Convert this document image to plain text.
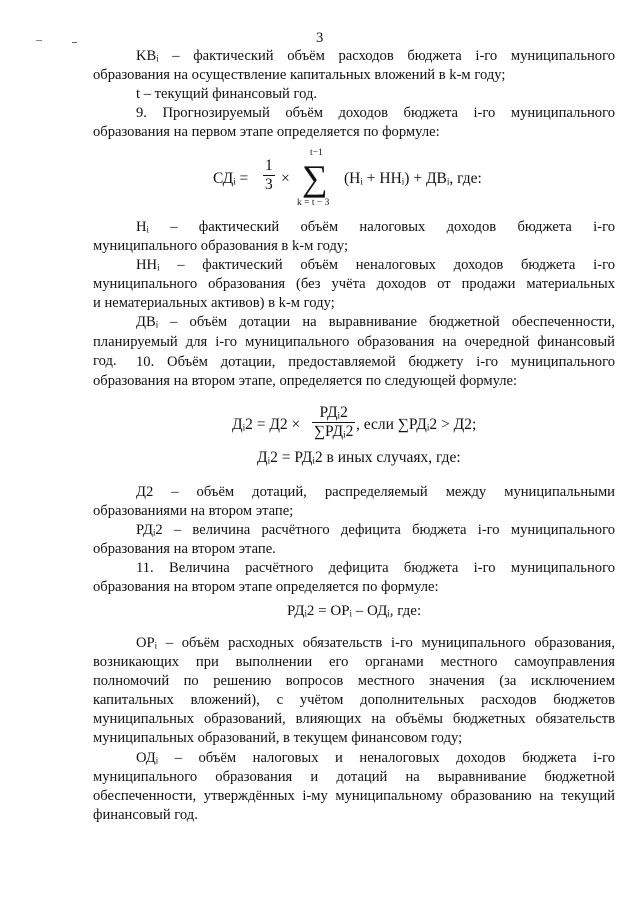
3
KBᵢ – фактический объём расходов бюджета i-го муниципального
образования на осуществление капитальных вложений в k-м году;
t – текущий финансовый год.
9. Прогнозируемый объём доходов бюджета i-го муниципального
образования на первом этапе определяется по формуле:
СДᵢ = $\frac{1}{3}$ ×
t−1
∑
k = t − 3
(Нᵢ + ННᵢ) + ДВᵢ, где:
Нᵢ – фактический объём налоговых доходов бюджета i-го
муниципального образования в k-м году;
ННᵢ – фактический объём неналоговых доходов бюджета i-го
муниципального образования (без учёта доходов от продажи материальных
и нематериальных активов) в k-м году;
ДВᵢ – объём дотации на выравнивание бюджетной обеспеченности,
планируемый для i-го муниципального образования на очередной финансовый
год.	10. Объём дотации, предоставляемой бюджету i-го муниципального
образования на втором этапе, определяется по следующей формуле:
Дᵢ2 = Д2 ×
РДᵢ2
∑РДᵢ2 , если ∑РДᵢ2 > Д2;
Дᵢ2 = РДᵢ2 в иных случаях, где:
Д2 – объём дотаций, распределяемый между муниципальными
образованиями на втором этапе;
РДᵢ2 – величина расчётного дефицита бюджета i-го муниципального
образования на втором этапе.
11. Величина расчётного дефицита бюджета i-го муниципального
образования на втором этапе определяется по формуле:
РДᵢ2 = ОРᵢ – ОДᵢ, где:
ОРᵢ – объём расходных обязательств i-го муниципального образования,
возникающих при выполнении его органами местного самоуправления
полномочий по решению вопросов местного значения (за исключением
капитальных вложений), с учётом дополнительных расходов бюджетов
муниципальных образований, влияющих на объёмы бюджетных обязательств
муниципальных образований, в текущем финансовом году;
ОДᵢ – объём налоговых и неналоговых доходов бюджета i-го
муниципального образования и дотаций на выравнивание бюджетной
обеспеченности, утверждённых i-му муниципальному образованию на текущий
финансовый год.
